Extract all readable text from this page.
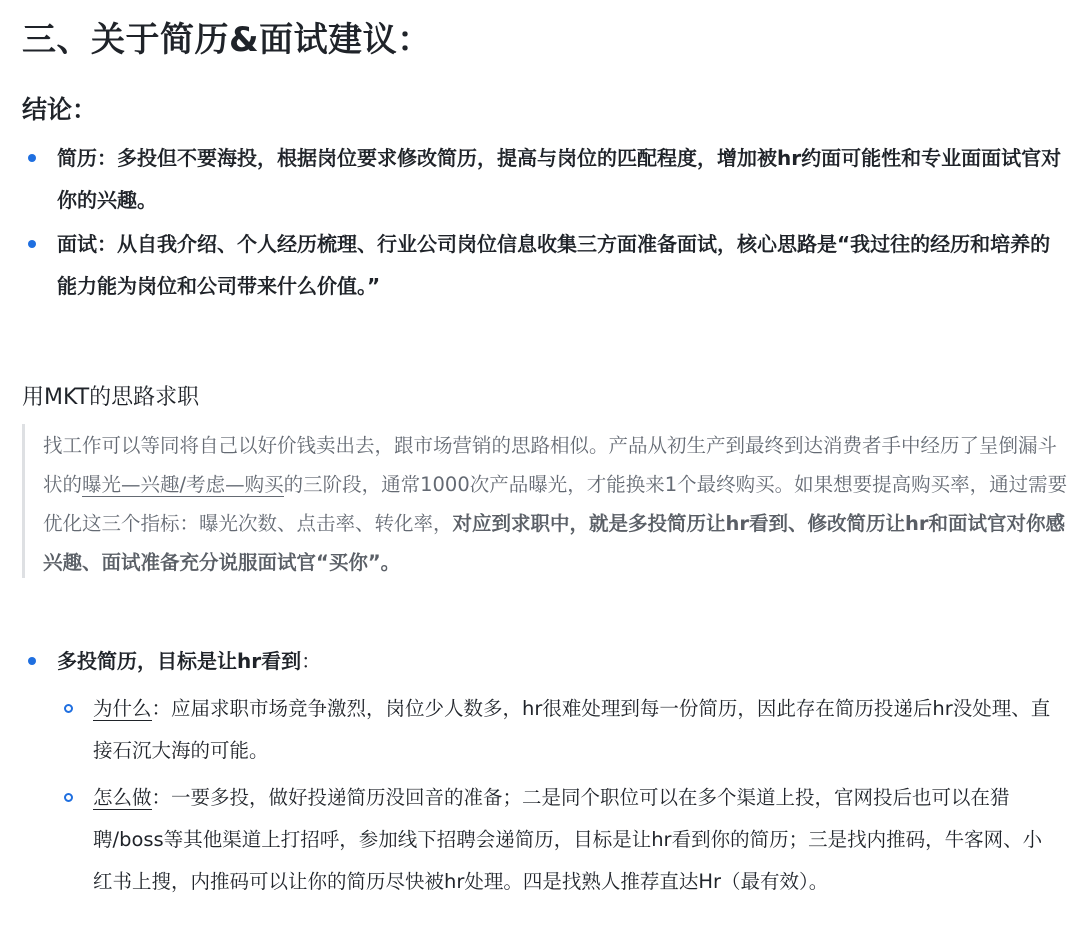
三、关于简历&面试建议：
结论：
简历：多投但不要海投，根据岗位要求修改简历，提高与岗位的匹配程度，增加被hr约面可能性和专业面面试官对你的兴趣。
面试：从自我介绍、个人经历梳理、行业公司岗位信息收集三方面准备面试，核心思路是“我过往的经历和培养的能力能为岗位和公司带来什么价值。”
用MKT的思路求职
找工作可以等同将自己以好价钱卖出去，跟市场营销的思路相似。产品从初生产到最终到达消费者手中经历了呈倒漏斗状的曝光—兴趣/考虑—购买的三阶段，通常1000次产品曝光，才能换来1个最终购买。如果想要提高购买率，通过需要优化这三个指标：曝光次数、点击率、转化率，对应到求职中，就是多投简历让hr看到、修改简历让hr和面试官对你感兴趣、面试准备充分说服面试官“买你”。
多投简历，目标是让hr看到：
为什么：应届求职市场竞争激烈，岗位少人数多，hr很难处理到每一份简历，因此存在简历投递后hr没处理、直接石沉大海的可能。
怎么做：一要多投，做好投递简历没回音的准备；二是同个职位可以在多个渠道上投，官网投后也可以在猎聘/boss等其他渠道上打招呼，参加线下招聘会递简历，目标是让hr看到你的简历；三是找内推码，牛客网、小红书上搜，内推码可以让你的简历尽快被hr处理。四是找熟人推荐直达Hr（最有效）。
